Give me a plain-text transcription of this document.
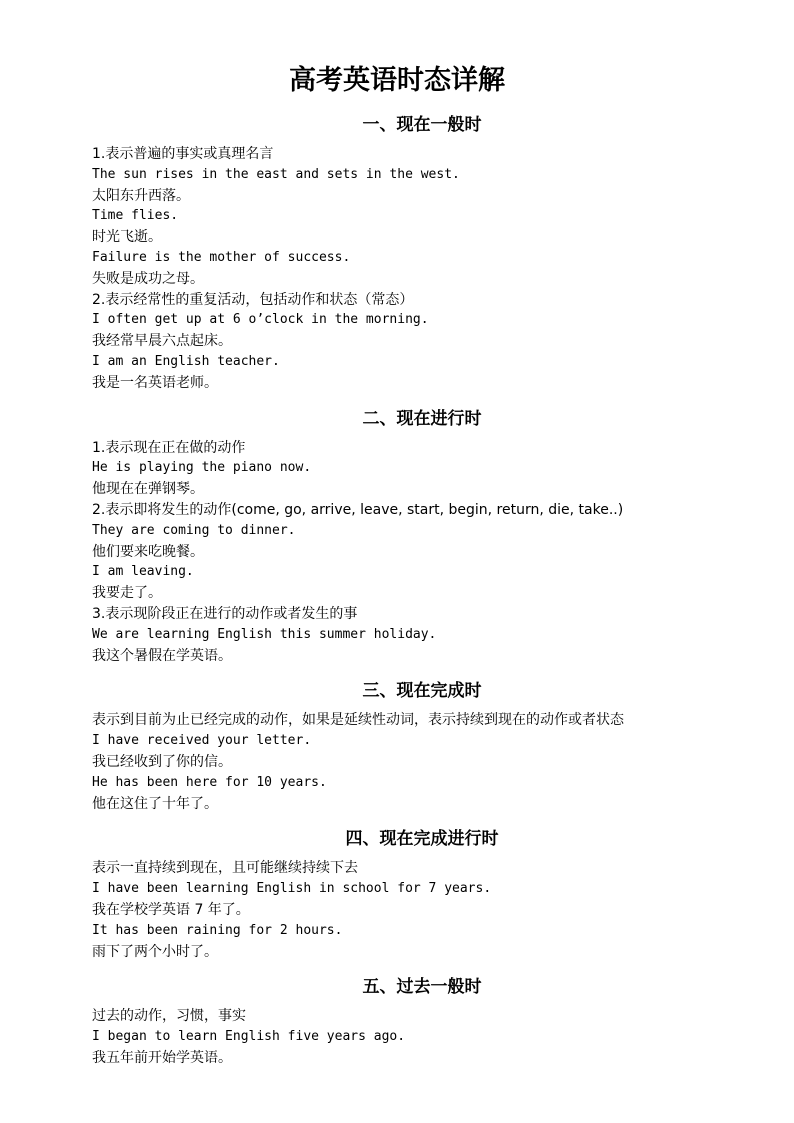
高考英语时态详解
一、现在一般时
1.表示普遍的事实或真理名言
The sun rises in the east and sets in the west.
太阳东升西落。
Time flies.
时光飞逝。
Failure is the mother of success.
失败是成功之母。
2.表示经常性的重复活动，包括动作和状态（常态）
I often get up at 6 o’clock in the morning.
我经常早晨六点起床。
I am an English teacher.
我是一名英语老师。
二、现在进行时
1.表示现在正在做的动作
He is playing the piano now.
他现在在弹钢琴。
2.表示即将发生的动作(come, go, arrive, leave, start, begin, return, die, take..)
They are coming to dinner.
他们要来吃晚餐。
I am leaving.
我要走了。
3.表示现阶段正在进行的动作或者发生的事
We are learning English this summer holiday.
我这个暑假在学英语。
三、现在完成时
表示到目前为止已经完成的动作，如果是延续性动词，表示持续到现在的动作或者状态
I have received your letter.
我已经收到了你的信。
He has been here for 10 years.
他在这住了十年了。
四、现在完成进行时
表示一直持续到现在，且可能继续持续下去
I have been learning English in school for 7 years.
我在学校学英语 7 年了。
It has been raining for 2 hours.
雨下了两个小时了。
五、过去一般时
过去的动作，习惯，事实
I began to learn English five years ago.
我五年前开始学英语。
